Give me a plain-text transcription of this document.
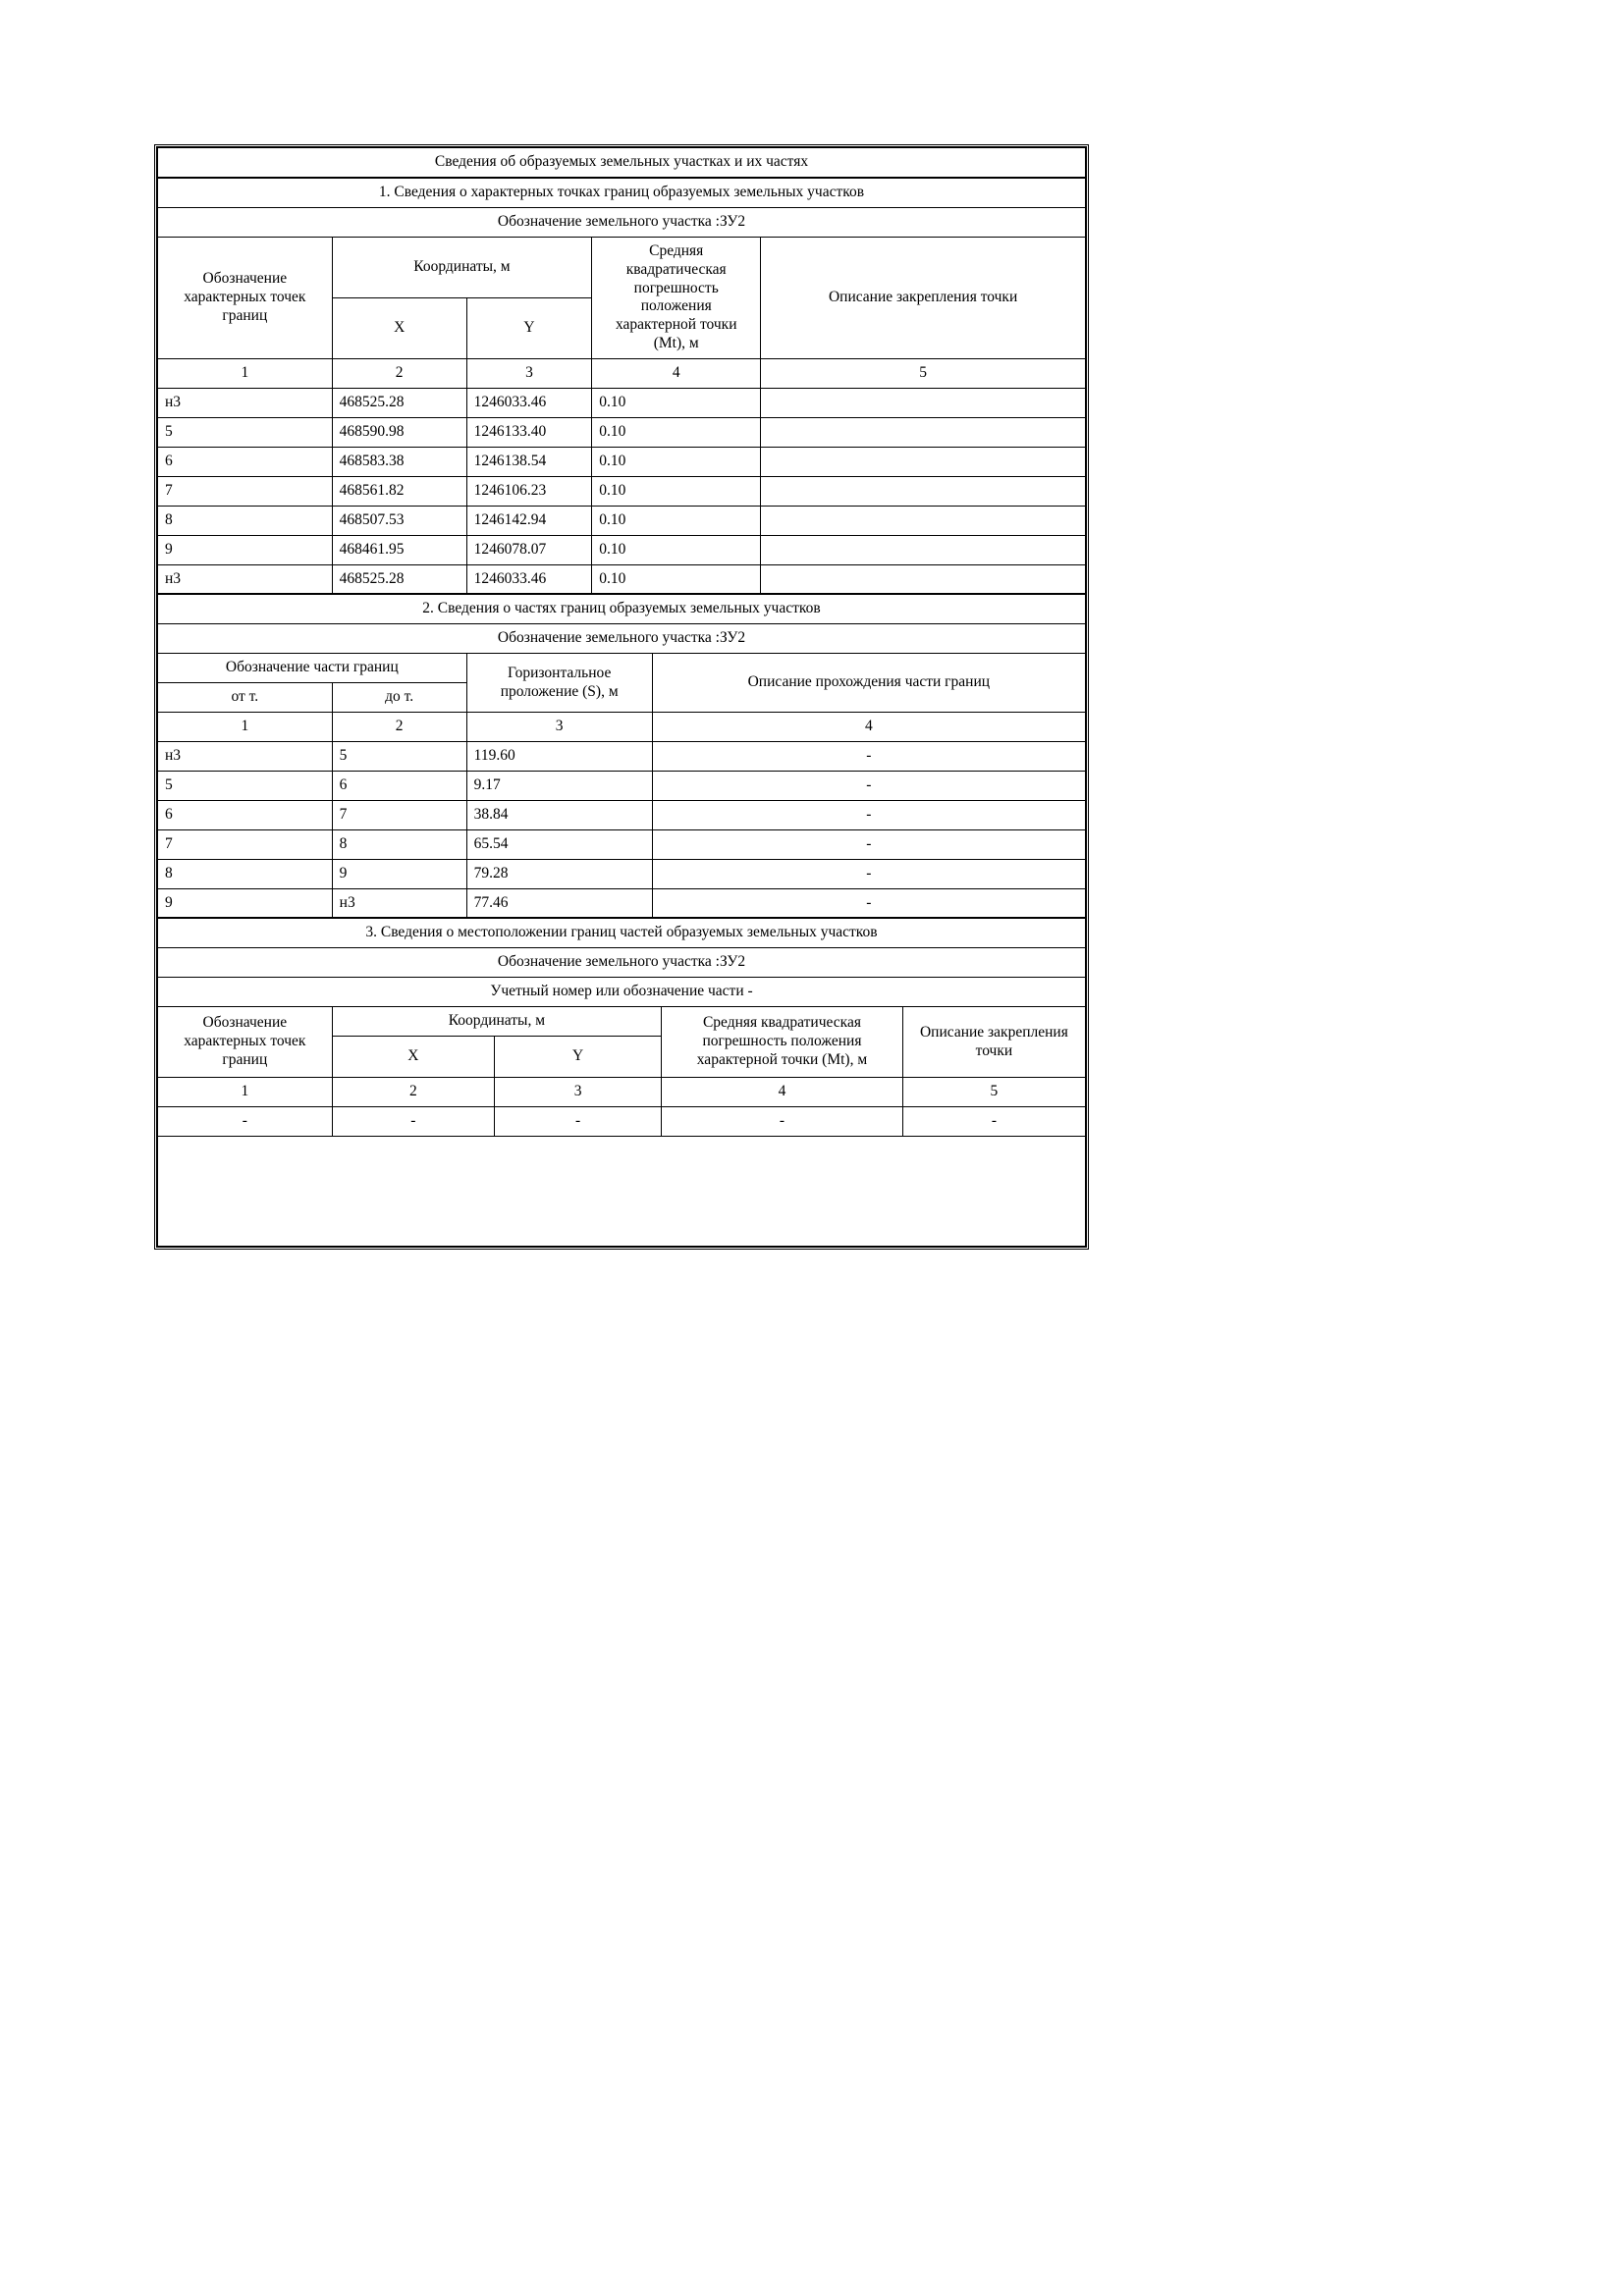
Сведения об образуемых земельных участках и их частях
1. Сведения о характерных точках границ образуемых земельных участков				
Обозначение земельного участка :ЗУ2				
Обозначение характерных точек границ	Координаты, м		Средняя квадратическая погрешность положения характерной точки (Mt), м	Описание закрепления точки
	X	Y		
1	2	3	4	5
н3	468525.28	1246033.46	0.10	
5	468590.98	1246133.40	0.10	
6	468583.38	1246138.54	0.10	
7	468561.82	1246106.23	0.10	
8	468507.53	1246142.94	0.10	
9	468461.95	1246078.07	0.10	
н3	468525.28	1246033.46	0.10	
2. Сведения о частях границ образуемых земельных участков			
Обозначение земельного участка :ЗУ2			
Обозначение части границ		Горизонтальное проложение (S), м	Описание прохождения части границ
от т.	до т.		
1	2	3	4
н3	5	119.60	-
5	6	9.17	-
6	7	38.84	-
7	8	65.54	-
8	9	79.28	-
9	н3	77.46	-
3. Сведения о местоположении границ частей образуемых земельных участков				
Обозначение земельного участка :ЗУ2				
Учетный номер или обозначение части -				
Обозначение характерных точек границ	Координаты, м		Средняя квадратическая погрешность положения характерной точки (Mt), м	Описание закрепления точки
	X	Y		
1	2	3	4	5
-	-	-	-	-
